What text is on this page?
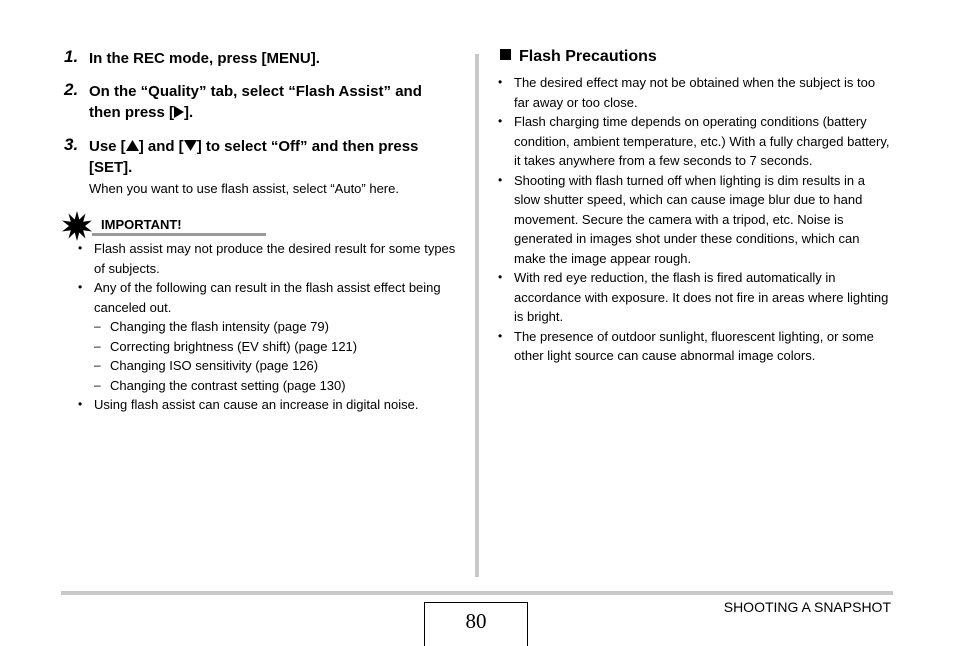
1. In the REC mode, press [MENU].
2. On the “Quality” tab, select “Flash Assist” and
then press [ ].
3. Use [ ] and [ ] to select “Off” and then press
[SET].
When you want to use flash assist, select “Auto” here.
IMPORTANT!
• Flash assist may not produce the desired result for some types of subjects.
• Any of the following can result in the flash assist effect being canceled out.
– Changing the flash intensity (page 79)
– Correcting brightness (EV shift) (page 121)
– Changing ISO sensitivity (page 126)
– Changing the contrast setting (page 130)
• Using flash assist can cause an increase in digital noise.
Flash Precautions
• The desired effect may not be obtained when the subject is too far away or too close.
• Flash charging time depends on operating conditions (battery condition, ambient temperature, etc.) With a fully charged battery, it takes anywhere from a few seconds to 7 seconds.
• Shooting with flash turned off when lighting is dim results in a slow shutter speed, which can cause image blur due to hand movement. Secure the camera with a tripod, etc. Noise is generated in images shot under these conditions, which can make the image appear rough.
• With red eye reduction, the flash is fired automatically in accordance with exposure. It does not fire in areas where lighting is bright.
• The presence of outdoor sunlight, fluorescent lighting, or some other light source can cause abnormal image colors.
80
SHOOTING A SNAPSHOT
